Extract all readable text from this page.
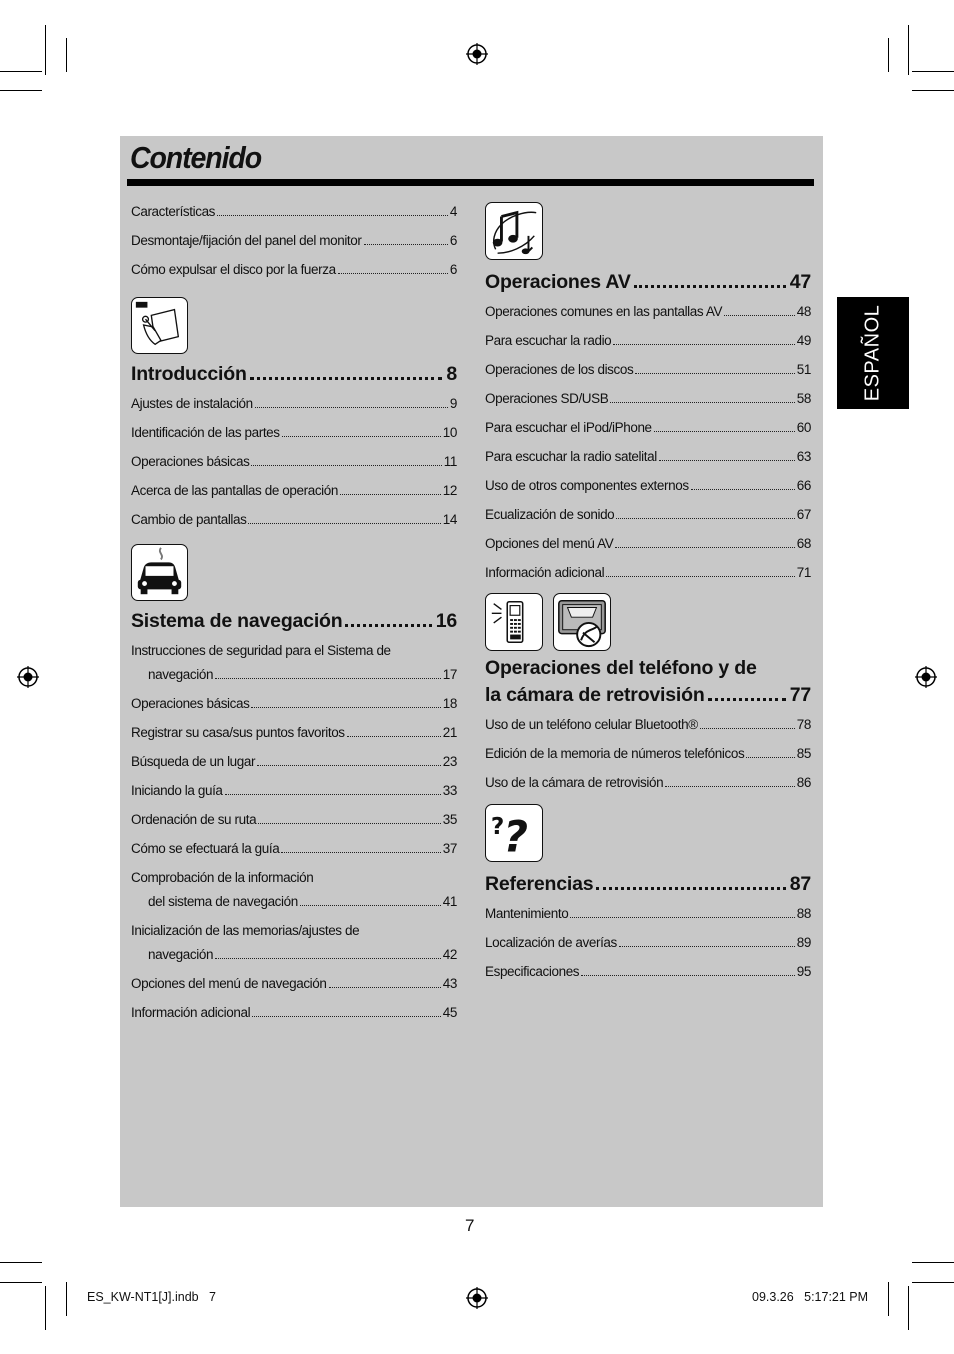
Contenido
ESPAÑOL
Características	4
Desmontaje/fijación del panel del monitor	6
Cómo expulsar el disco por la fuerza	6
Introducción	8
Ajustes de instalación	9
Identificación de las partes	10
Operaciones básicas	11
Acerca de las pantallas de operación	12
Cambio de pantallas	14
Sistema de navegación	16
Instrucciones de seguridad para el Sistema de
navegación	17
Operaciones básicas	18
Registrar su casa/sus puntos favoritos	21
Búsqueda de un lugar	23
Iniciando la guía	33
Ordenación de su ruta	35
Cómo se efectuará la guía	37
Comprobación de la información
del sistema de navegación	41
Inicialización de las memorias/ajustes de
navegación	42
Opciones del menú de navegación	43
Información adicional	45
Operaciones AV	47
Operaciones comunes en las pantallas AV	48
Para escuchar la radio	49
Operaciones de los discos	51
Operaciones SD/USB	58
Para escuchar el iPod/iPhone	60
Para escuchar la radio satelital	63
Uso de otros componentes externos	66
Ecualización de sonido	67
Opciones del menú AV	68
Información adicional	71
Operaciones del teléfono y de
la cámara de retrovisión	77
Uso de un teléfono celular Bluetooth®	78
Edición de la memoria de números telefónicos	85
Uso de la cámara de retrovisión	86
? ?
Referencias	87
Mantenimiento	88
Localización de averías	89
Especificaciones	95
7
ES_KW-NT1[J].indb   7	09.3.26   5:17:21 PM
